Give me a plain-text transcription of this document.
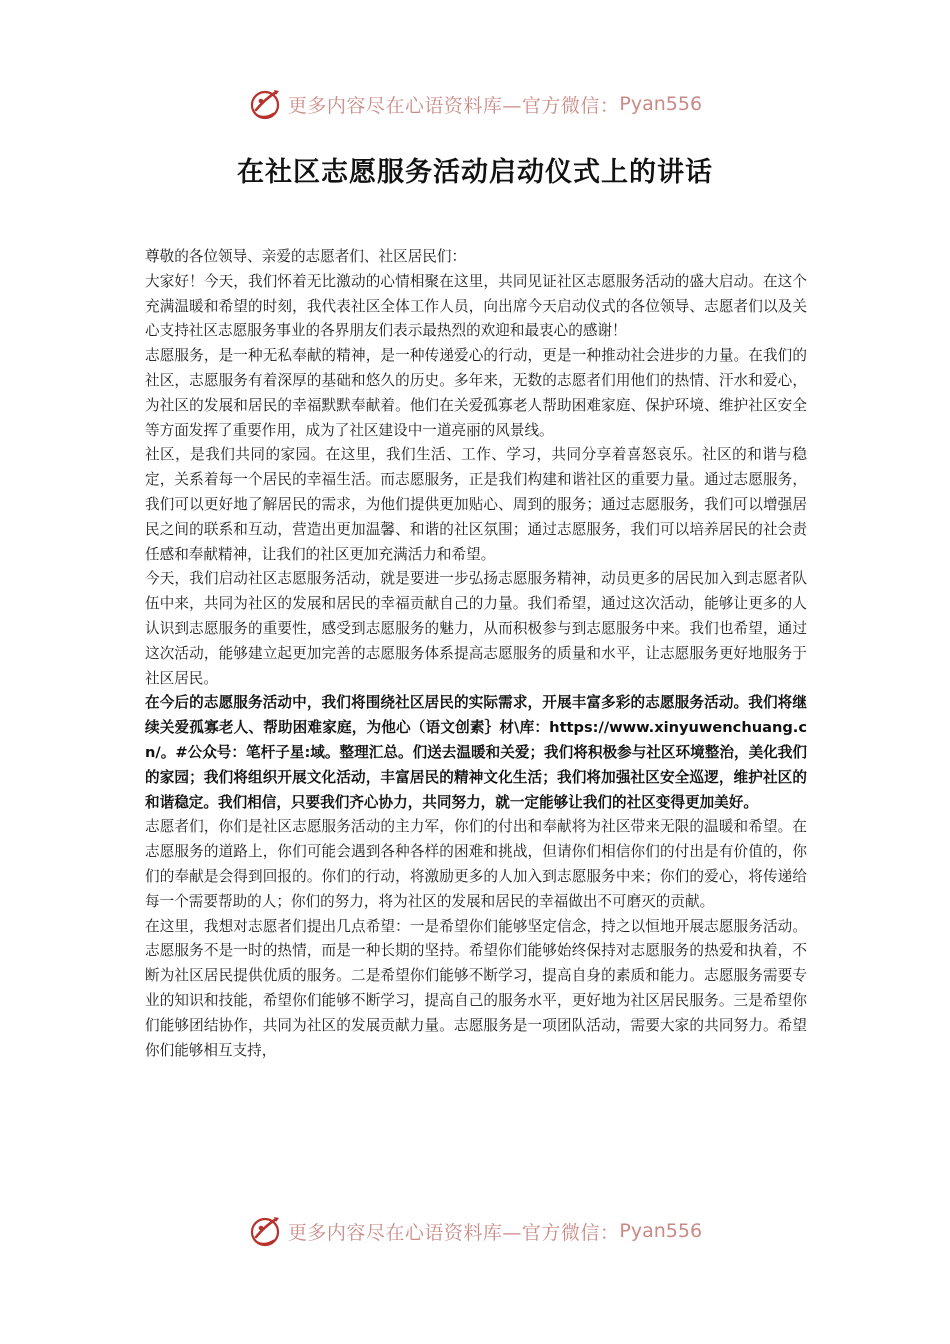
更多内容尽在心语资料库—官方微信： Pyan556
在社区志愿服务活动启动仪式上的讲话

尊敬的各位领导、亲爱的志愿者们、社区居民们：

大家好！今天，我们怀着无比激动的心情相聚在这里，共同见证社区志愿服务活动的盛大启动。在这个充满温暖和希望的时刻，我代表社区全体工作人员，向出席今天启动仪式的各位领导、志愿者们以及关心支持社区志愿服务事业的各界朋友们表示最热烈的欢迎和最衷心的感谢！

志愿服务，是一种无私奉献的精神，是一种传递爱心的行动，更是一种推动社会进步的力量。在我们的社区，志愿服务有着深厚的基础和悠久的历史。多年来，无数的志愿者们用他们的热情、汗水和爱心，为社区的发展和居民的幸福默默奉献着。他们在关爱孤寡老人帮助困难家庭、保护环境、维护社区安全等方面发挥了重要作用，成为了社区建设中一道亮丽的风景线。

社区，是我们共同的家园。在这里，我们生活、工作、学习，共同分享着喜怒哀乐。社区的和谐与稳定，关系着每一个居民的幸福生活。而志愿服务，正是我们构建和谐社区的重要力量。通过志愿服务，我们可以更好地了解居民的需求，为他们提供更加贴心、周到的服务；通过志愿服务，我们可以增强居民之间的联系和互动，营造出更加温馨、和谐的社区氛围；通过志愿服务，我们可以培养居民的社会责任感和奉献精神，让我们的社区更加充满活力和希望。

今天，我们启动社区志愿服务活动，就是要进一步弘扬志愿服务精神，动员更多的居民加入到志愿者队伍中来，共同为社区的发展和居民的幸福贡献自己的力量。我们希望，通过这次活动，能够让更多的人认识到志愿服务的重要性，感受到志愿服务的魅力，从而积极参与到志愿服务中来。我们也希望，通过这次活动，能够建立起更加完善的志愿服务体系提高志愿服务的质量和水平，让志愿服务更好地服务于社区居民。

在今后的志愿服务活动中，我们将围绕社区居民的实际需求，开展丰富多彩的志愿服务活动。我们将继续关爱孤寡老人、帮助困难家庭，为他心（语文创素｝材\库：https://www.xinyuwenchuang.cn/。#公众号：笔杆子星:域。整理汇总。们送去温暖和关爱；我们将积极参与社区环境整治，美化我们的家园；我们将组织开展文化活动，丰富居民的精神文化生活；我们将加强社区安全巡逻，维护社区的和谐稳定。我们相信，只要我们齐心协力，共同努力，就一定能够让我们的社区变得更加美好。

志愿者们，你们是社区志愿服务活动的主力军，你们的付出和奉献将为社区带来无限的温暖和希望。在志愿服务的道路上，你们可能会遇到各种各样的困难和挑战，但请你们相信你们的付出是有价值的，你们的奉献是会得到回报的。你们的行动，将激励更多的人加入到志愿服务中来；你们的爱心，将传递给每一个需要帮助的人；你们的努力，将为社区的发展和居民的幸福做出不可磨灭的贡献。

在这里，我想对志愿者们提出几点希望：一是希望你们能够坚定信念，持之以恒地开展志愿服务活动。志愿服务不是一时的热情，而是一种长期的坚持。希望你们能够始终保持对志愿服务的热爱和执着，不断为社区居民提供优质的服务。二是希望你们能够不断学习，提高自身的素质和能力。志愿服务需要专业的知识和技能，希望你们能够不断学习，提高自己的服务水平，更好地为社区居民服务。三是希望你们能够团结协作，共同为社区的发展贡献力量。志愿服务是一项团队活动，需要大家的共同努力。希望你们能够相互支持，

更多内容尽在心语资料库—官方微信： Pyan556
